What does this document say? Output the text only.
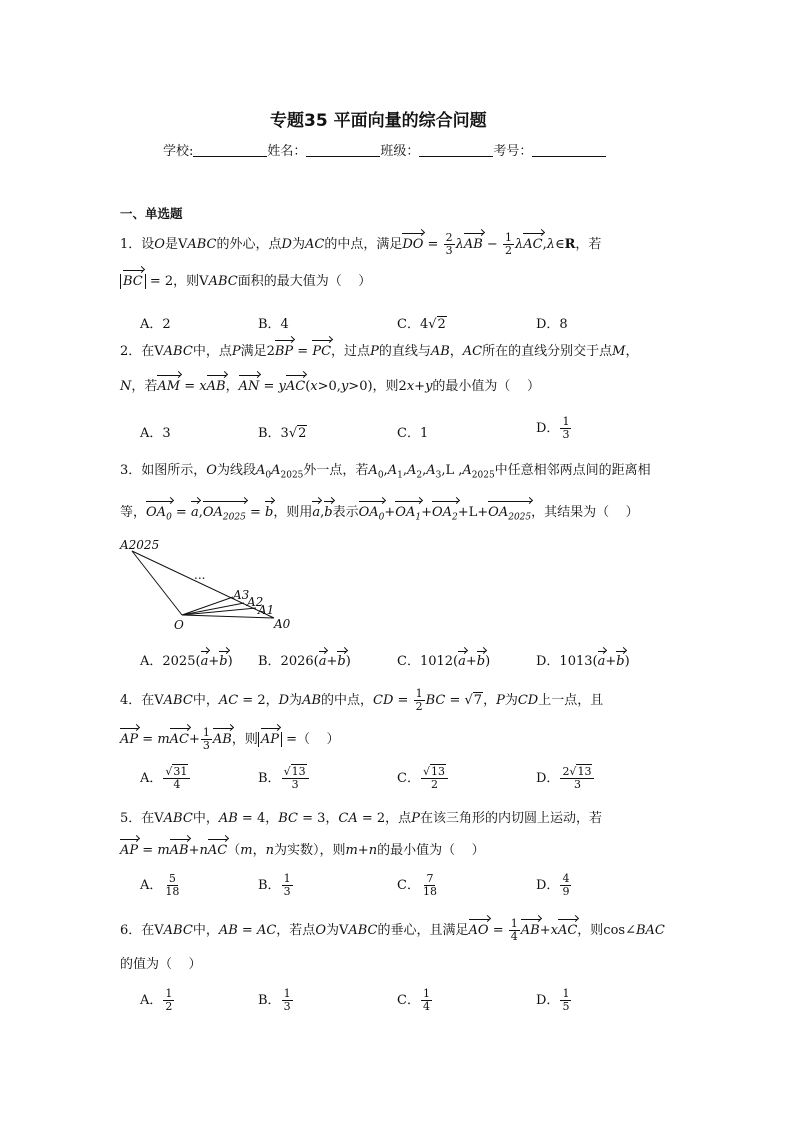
专题35 平面向量的综合问题
学校:	姓名：	班级：	考号：
一、单选题
1．设O是VABC的外心，点D为AC的中点，满足DO = $\frac{2}{3}$ $\lambda AB - \frac{1}{2}$ λAC,λ∈R，若
BC = 2，则VABC面积的最大值为（    ）
A．2	B．4	C．4√2	D．8
2．在VABC中，点P满足2BP = PC，过点P的直线与AB，AC所在的直线分别交于点M，
N，若AM = xAB，AN = yAC(x>0,y>0)，则2x+y的最小值为（    ）
A．3	B．3√2	C．1	D． $\frac{1}{3}$
3．如图所示，O为线段$A_0A_{2025}$外一点，若$A_0,A_1,A_2,A_3,L$ $,A_{2025}$中任意相邻两点间的距离相
等，$OA_0 = a,OA_{2025} = b$，则用a,b表示$OA_0+OA_1+OA_2+L+OA_{2025}$，其结果为（    ）
A2025
O	A0
A1
A2
A3
...
A．2025(a+b) B．2026(a+b)	C．1012(a+b)	D．1013(a+b)
4．在VABC中，AC = 2，D为AB的中点，CD = $\frac{1}{2}$ BC = √7，P为CD上一点，且
AP = $mAC+ \frac{1}{3}$ AB，则 AP =（    ）
A． $\frac{√31}{4}$	B． $\frac{√13}{3}$	C． $\frac{√13}{2}$	D． $\frac{2√13}{3}$
5．在VABC中，AB = 4，BC = 3，CA = 2，点P在该三角形的内切圆上运动，若
AP = mAB+nAC（m，n为实数），则m+n的最小值为（    ）
A． $\frac{5}{18}$	B． $\frac{1}{3}$	C． $\frac{7}{18}$	D． $\frac{4}{9}$
6．在VABC中，AB = AC，若点O为VABC的垂心，且满足AO = $\frac{1}{4} AB+xAC$，则cos∠BAC
的值为（    ）
A． $\frac{1}{2}$	B． $\frac{1}{3}$	C． $\frac{1}{4}$	D． $\frac{1}{5}$
